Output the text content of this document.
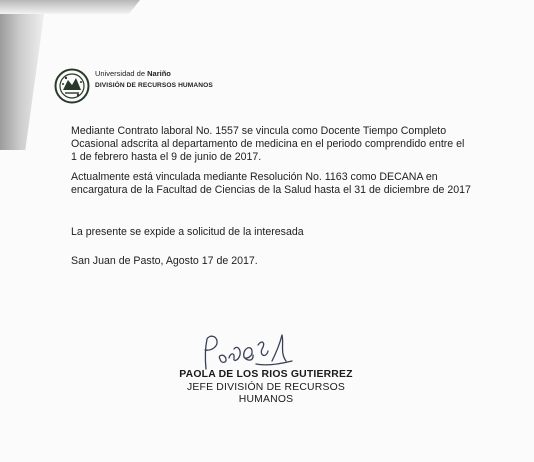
Universidad de Nariño
DIVISIÓN DE RECURSOS HUMANOS

Mediante Contrato laboral No. 1557 se vincula como Docente Tiempo Completo Ocasional adscrita al departamento de medicina en el periodo comprendido entre el 1 de febrero hasta el 9 de junio de 2017.

Actualmente está vinculada mediante Resolución No. 1163 como DECANA en encargatura de la Facultad de Ciencias de la Salud hasta el 31 de diciembre de 2017

La presente se expide a solicitud de la interesada

San Juan de Pasto, Agosto 17 de 2017.

PAOLA DE LOS RIOS GUTIERREZ
JEFE DIVISIÓN DE RECURSOS HUMANOS
